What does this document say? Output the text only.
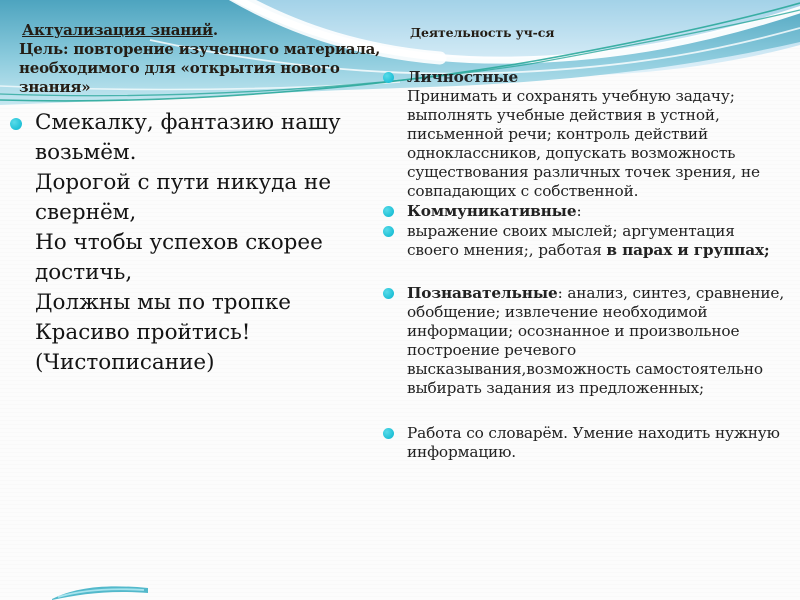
Актуализация знаний.
Цель: повторение изученного материала,
необходимого для «открытия нового
знания»
Деятельность уч-ся
Смекалку, фантазию нашу
возьмём.
Дорогой с пути никуда не
свернём,
Но чтобы успехов скорее
достичь,
Должны мы по тропке
Красиво пройтись!
(Чистописание)
Личностные
Принимать и сохранять учебную задачу; выполнять учебные действия в устной, письменной речи; контроль действий одноклассников, допускать возможность существования различных точек зрения, не совпадающих с собственной.
Коммуникативные:
выражение своих мыслей; аргументация своего мнения;, работая в парах и группах;
Познавательные: анализ, синтез, сравнение, обобщение; извлечение необходимой информации; осознанное и произвольное построение речевого высказывания,возможность самостоятельно выбирать задания из предложенных;
Работа со словарём. Умение находить нужную информацию.
